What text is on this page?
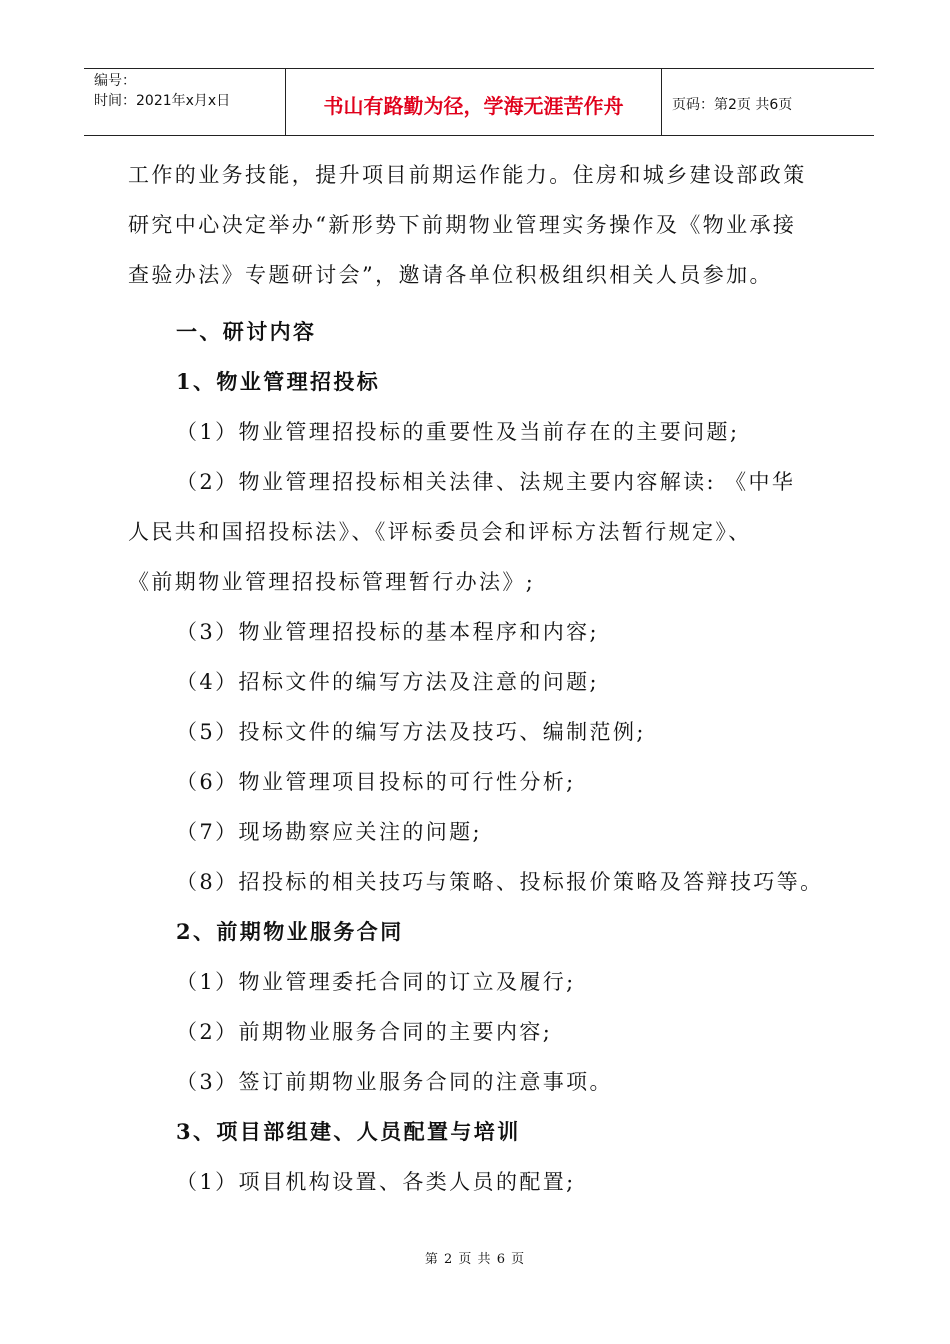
编号：
时间：2021年x月x日	书山有路勤为径，学海无涯苦作舟	页码：第2页 共6页
工作的业务技能，提升项目前期运作能力。住房和城乡建设部政策
研究中心决定举办“新形势下前期物业管理实务操作及《物业承接
查验办法》专题研讨会”，邀请各单位积极组织相关人员参加。
一、研讨内容
1、物业管理招投标
（1）物业管理招投标的重要性及当前存在的主要问题;
（2）物业管理招投标相关法律、法规主要内容解读: 《中华
人民共和国招投标法》、《评标委员会和评标方法暂行规定》、
《前期物业管理招投标管理暂行办法》;
（3）物业管理招投标的基本程序和内容;
（4）招标文件的编写方法及注意的问题;
（5）投标文件的编写方法及技巧、编制范例;
（6）物业管理项目投标的可行性分析;
（7）现场勘察应关注的问题;
（8）招投标的相关技巧与策略、投标报价策略及答辩技巧等。
2、前期物业服务合同
（1）物业管理委托合同的订立及履行;
（2）前期物业服务合同的主要内容;
（3）签订前期物业服务合同的注意事项。
3、项目部组建、人员配置与培训
（1）项目机构设置、各类人员的配置;
第 2 页 共 6 页
